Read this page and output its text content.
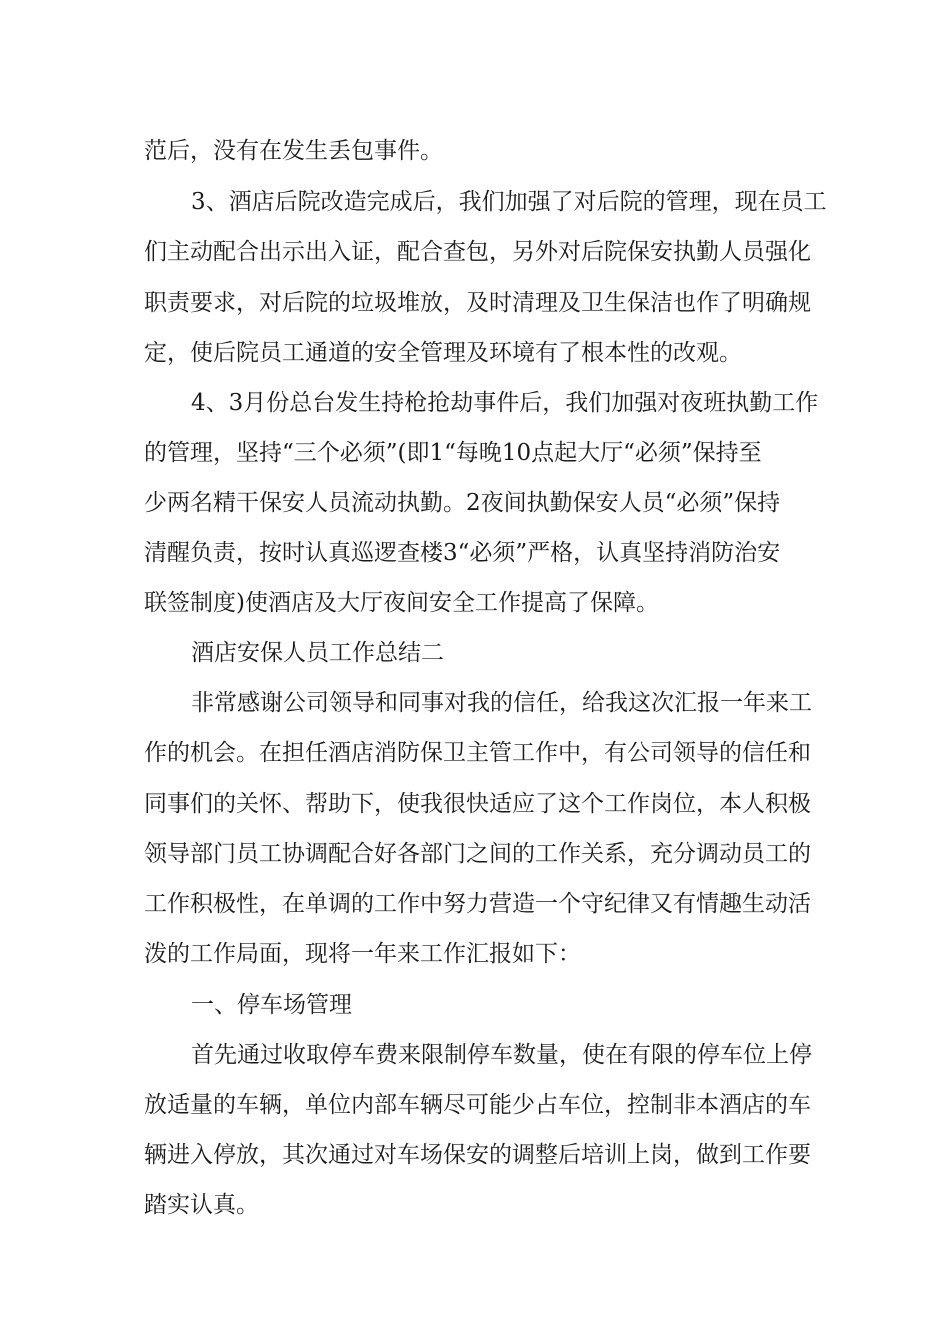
范后，没有在发生丢包事件。
3、酒店后院改造完成后，我们加强了对后院的管理，现在员工
们主动配合出示出入证，配合查包，另外对后院保安执勤人员强化
职责要求，对后院的垃圾堆放，及时清理及卫生保洁也作了明确规
定，使后院员工通道的安全管理及环境有了根本性的改观。
4、3月份总台发生持枪抢劫事件后，我们加强对夜班执勤工作
的管理，坚持“三个必须”(即1“每晚10点起大厅“必须”保持至
少两名精干保安人员流动执勤。2夜间执勤保安人员“必须”保持
清醒负责，按时认真巡逻查楼3“必须”严格，认真坚持消防治安
联签制度)使酒店及大厅夜间安全工作提高了保障。
酒店安保人员工作总结二
非常感谢公司领导和同事对我的信任，给我这次汇报一年来工
作的机会。在担任酒店消防保卫主管工作中，有公司领导的信任和
同事们的关怀、帮助下，使我很快适应了这个工作岗位，本人积极
领导部门员工协调配合好各部门之间的工作关系，充分调动员工的
工作积极性，在单调的工作中努力营造一个守纪律又有情趣生动活
泼的工作局面，现将一年来工作汇报如下：
一、停车场管理
首先通过收取停车费来限制停车数量，使在有限的停车位上停
放适量的车辆，单位内部车辆尽可能少占车位，控制非本酒店的车
辆进入停放，其次通过对车场保安的调整后培训上岗，做到工作要
踏实认真。
